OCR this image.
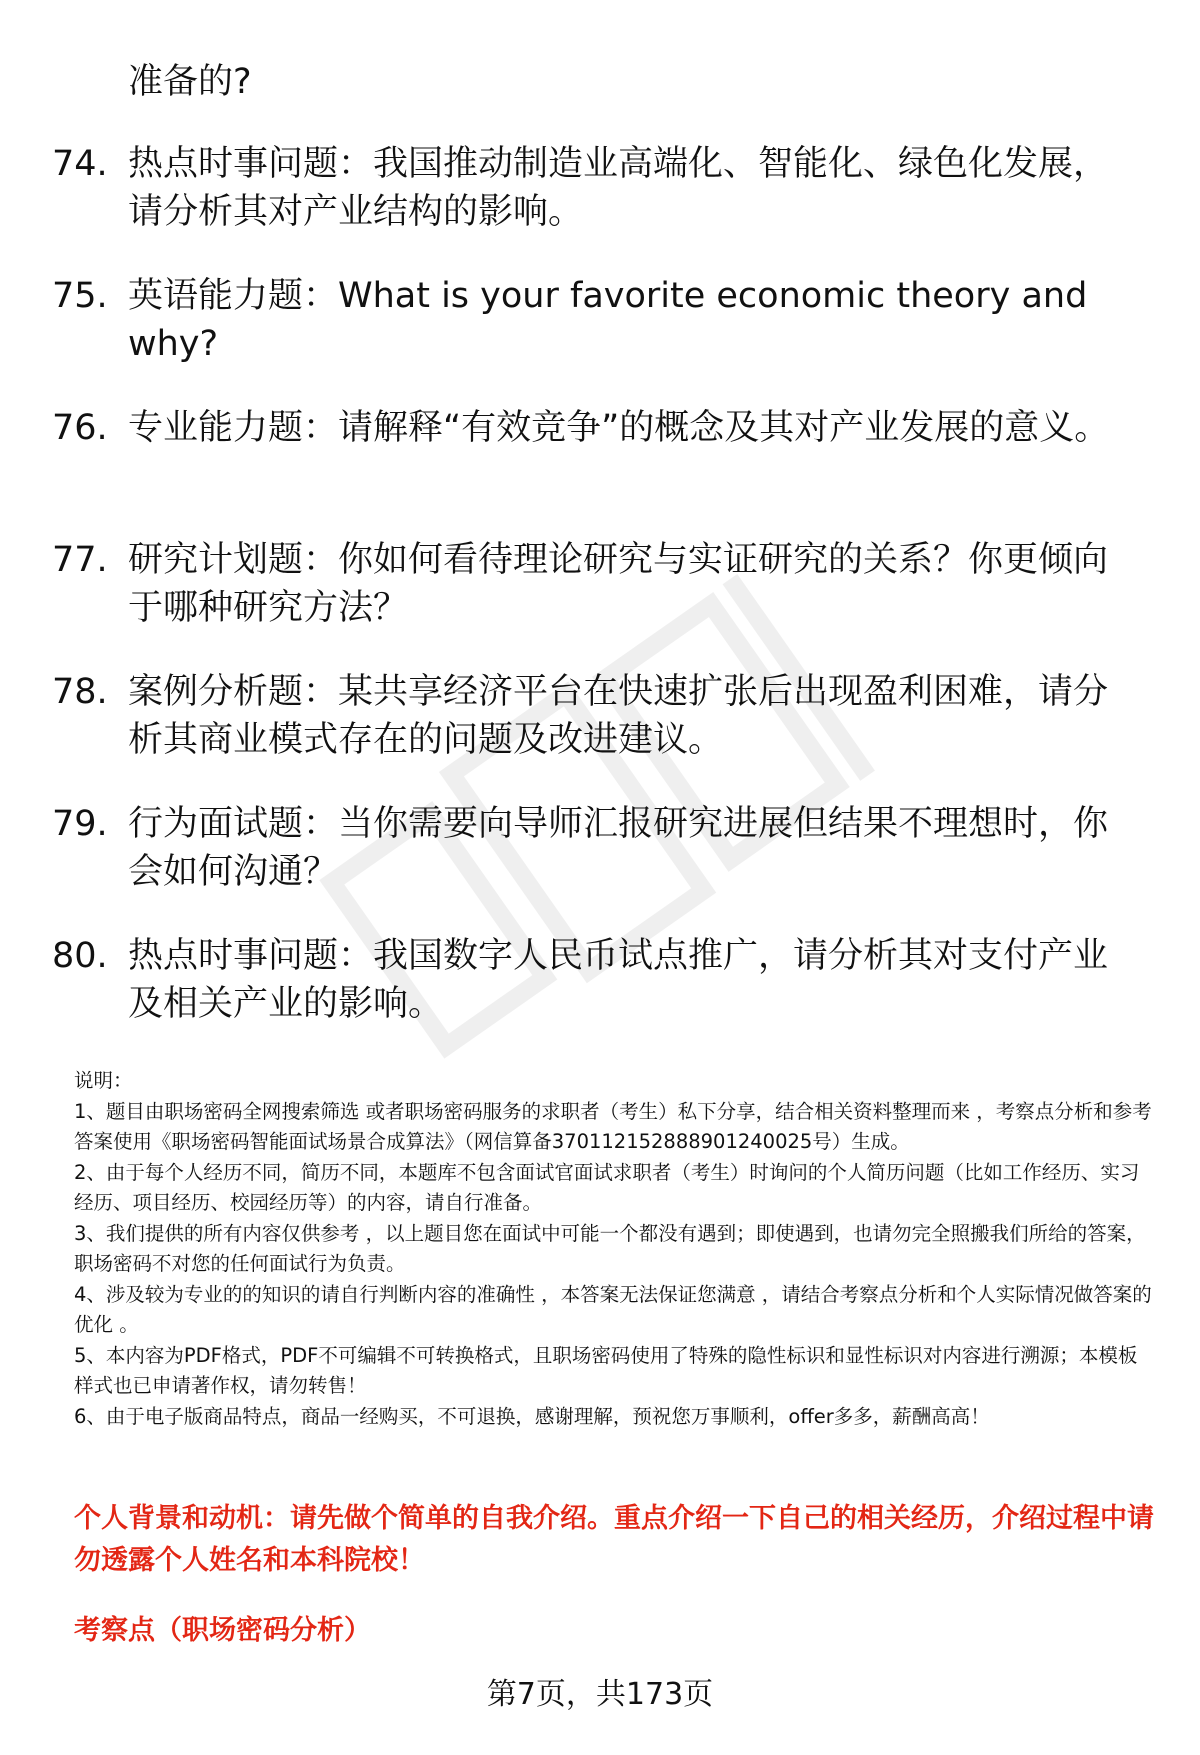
准备的?
74. 热点时事问题：我国推动制造业高端化、智能化、绿色化发展，请分析其对产业结构的影响。
75. 英语能力题：What is your favorite economic theory and why?
76. 专业能力题：请解释“有效竞争”的概念及其对产业发展的意义。
77. 研究计划题：你如何看待理论研究与实证研究的关系？你更倾向于哪种研究方法？
78. 案例分析题：某共享经济平台在快速扩张后出现盈利困难，请分析其商业模式存在的问题及改进建议。
79. 行为面试题：当你需要向导师汇报研究进展但结果不理想时，你会如何沟通？
80. 热点时事问题：我国数字人民币试点推广，请分析其对支付产业及相关产业的影响。
说明：
1、题目由职场密码全网搜索筛选 或者职场密码服务的求职者（考生）私下分享，结合相关资料整理而来 ，考察点分析和参考答案使用《职场密码智能面试场景合成算法》（网信算备370112152888901240025号）生成。
2、由于每个人经历不同，简历不同，本题库不包含面试官面试求职者（考生）时询问的个人简历问题（比如工作经历、实习经历、项目经历、校园经历等）的内容，请自行准备。
3、我们提供的所有内容仅供参考 ，以上题目您在面试中可能一个都没有遇到；即使遇到，也请勿完全照搬我们所给的答案，职场密码不对您的任何面试行为负责。
4、涉及较为专业的的知识的请自行判断内容的准确性 ，本答案无法保证您满意 ，请结合考察点分析和个人实际情况做答案的优化 。
5、本内容为PDF格式，PDF不可编辑不可转换格式，且职场密码使用了特殊的隐性标识和显性标识对内容进行溯源；本模板样式也已申请著作权，请勿转售！
6、由于电子版商品特点，商品一经购买，不可退换，感谢理解，预祝您万事顺利，offer多多，薪酬高高！
个人背景和动机：请先做个简单的自我介绍。重点介绍一下自己的相关经历，介绍过程中请勿透露个人姓名和本科院校！
考察点（职场密码分析）
第7页，共173页
